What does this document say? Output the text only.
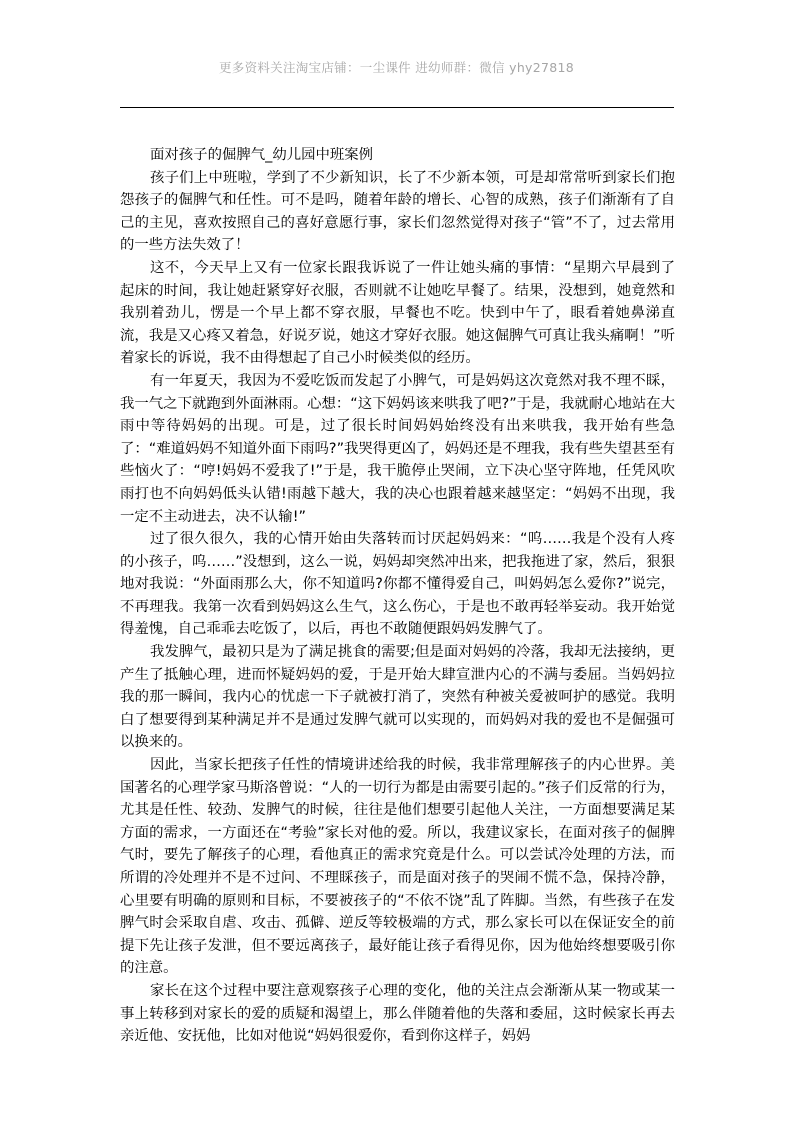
更多资料关注淘宝店铺：一尘课件 进幼师群：微信 yhy27818
面对孩子的倔脾气_幼儿园中班案例

孩子们上中班啦，学到了不少新知识，长了不少新本领，可是却常常听到家长们抱怨孩子的倔脾气和任性。可不是吗，随着年龄的增长、心智的成熟，孩子们渐渐有了自己的主见，喜欢按照自己的喜好意愿行事，家长们忽然觉得对孩子“管”不了，过去常用的一些方法失效了！

这不，今天早上又有一位家长跟我诉说了一件让她头痛的事情：“星期六早晨到了起床的时间，我让她赶紧穿好衣服，否则就不让她吃早餐了。结果，没想到，她竟然和我别着劲儿，愣是一个早上都不穿衣服，早餐也不吃。快到中午了，眼看着她鼻涕直流，我是又心疼又着急，好说歹说，她这才穿好衣服。她这倔脾气可真让我头痛啊！”听着家长的诉说，我不由得想起了自己小时候类似的经历。

有一年夏天，我因为不爱吃饭而发起了小脾气，可是妈妈这次竟然对我不理不睬，我一气之下就跑到外面淋雨。心想：“这下妈妈该来哄我了吧?”于是，我就耐心地站在大雨中等待妈妈的出现。可是，过了很长时间妈妈始终没有出来哄我，我开始有些急了：“难道妈妈不知道外面下雨吗?”我哭得更凶了，妈妈还是不理我，我有些失望甚至有些恼火了：“哼!妈妈不爱我了!”于是，我干脆停止哭闹，立下决心坚守阵地，任凭风吹雨打也不向妈妈低头认错!雨越下越大，我的决心也跟着越来越坚定：“妈妈不出现，我一定不主动进去，决不认输!”

过了很久很久，我的心情开始由失落转而讨厌起妈妈来：“呜……我是个没有人疼的小孩子，呜……”没想到，这么一说，妈妈却突然冲出来，把我拖进了家，然后，狠狠地对我说：“外面雨那么大，你不知道吗?你都不懂得爱自己，叫妈妈怎么爱你?”说完，不再理我。我第一次看到妈妈这么生气，这么伤心，于是也不敢再轻举妄动。我开始觉得羞愧，自己乖乖去吃饭了，以后，再也不敢随便跟妈妈发脾气了。

我发脾气，最初只是为了满足挑食的需要;但是面对妈妈的冷落，我却无法接纳，更产生了抵触心理，进而怀疑妈妈的爱，于是开始大肆宣泄内心的不满与委屈。当妈妈拉我的那一瞬间，我内心的忧虑一下子就被打消了，突然有种被关爱被呵护的感觉。我明白了想要得到某种满足并不是通过发脾气就可以实现的，而妈妈对我的爱也不是倔强可以换来的。

因此，当家长把孩子任性的情境讲述给我的时候，我非常理解孩子的内心世界。美国著名的心理学家马斯洛曾说：“人的一切行为都是由需要引起的。”孩子们反常的行为，尤其是任性、较劲、发脾气的时候，往往是他们想要引起他人关注，一方面想要满足某方面的需求，一方面还在“考验”家长对他的爱。所以，我建议家长，在面对孩子的倔脾气时，要先了解孩子的心理，看他真正的需求究竟是什么。可以尝试冷处理的方法，而所谓的冷处理并不是不过问、不理睬孩子，而是面对孩子的哭闹不慌不急，保持冷静，心里要有明确的原则和目标，不要被孩子的“不依不饶”乱了阵脚。当然，有些孩子在发脾气时会采取自虐、攻击、孤僻、逆反等较极端的方式，那么家长可以在保证安全的前提下先让孩子发泄，但不要远离孩子，最好能让孩子看得见你，因为他始终想要吸引你的注意。

家长在这个过程中要注意观察孩子心理的变化，他的关注点会渐渐从某一物或某一事上转移到对家长的爱的质疑和渴望上，那么伴随着他的失落和委屈，这时候家长再去亲近他、安抚他，比如对他说“妈妈很爱你，看到你这样子，妈妈
